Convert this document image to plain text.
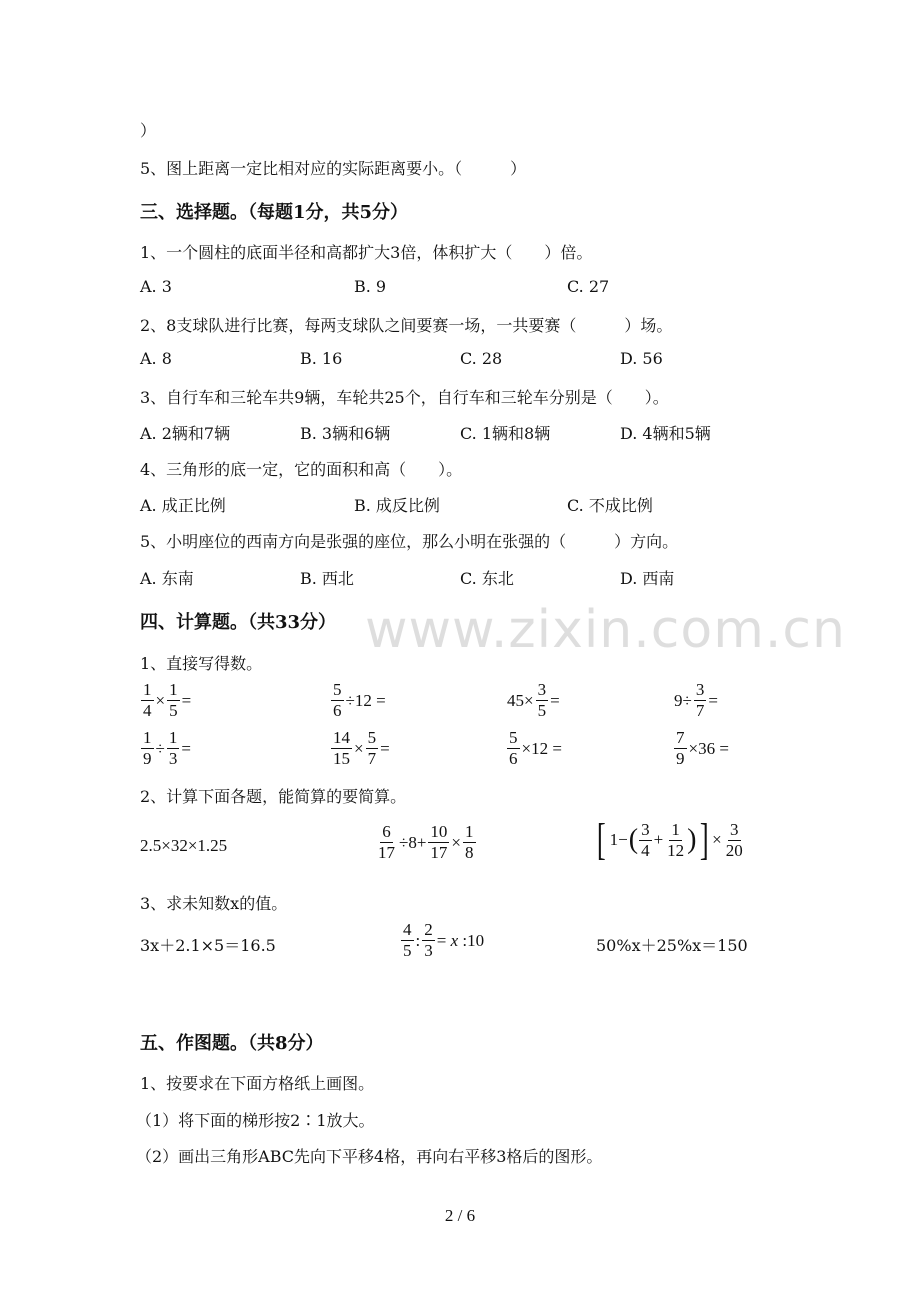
）
5、图上距离一定比相对应的实际距离要小。（　　　）
三、选择题。（每题1分，共5分）
1、一个圆柱的底面半径和高都扩大3倍，体积扩大（　　）倍。
A. 3	B. 9	C. 27
2、8支球队进行比赛，每两支球队之间要赛一场，一共要赛（　　　）场。
A. 8	B. 16	C. 28	D. 56
3、自行车和三轮车共9辆，车轮共25个，自行车和三轮车分别是（　　）。
A. 2辆和7辆	B. 3辆和6辆	C. 1辆和8辆	D. 4辆和5辆
4、三角形的底一定，它的面积和高（　　）。
A. 成正比例	B. 成反比例	C. 不成比例
5、小明座位的西南方向是张强的座位，那么小明在张强的（　　　）方向。
A. 东南	B. 西北	C. 东北	D. 西南
四、计算题。（共33分） www.zixin.com.cn
1、直接写得数。
$\frac{1}{4} \times \frac{1}{5}$ =	$\frac{5}{6} \div 12$ =	$45\times \frac{3}{5}$ =	$9\div \frac{3}{7}$ =
$\frac{1}{9} \div \frac{1}{3}$ =	$\frac{14}{15} \times \frac{5}{7}$ =	$\frac{5}{6} \times 12$ =	$\frac{7}{9} \times 36$ =
2、计算下面各题，能简算的要简算。
2.5×32×1.25	$\frac{6}{17} \div 8+ \frac{10}{17} \times \frac{1}{8}$	[ 1− ( $\frac{3}{4} + \frac{1}{12}$ ) ] × $\frac{3}{20}$
3、求未知数x的值。
3x＋2.1×5＝16.5	$\frac{4}{5}$ : $\frac{2}{3} = x$ :10	50%x＋25%x＝150
五、作图题。（共8分）
1、按要求在下面方格纸上画图。
（1）将下面的梯形按2∶1放大。
（2）画出三角形ABC先向下平移4格，再向右平移3格后的图形。
2 / 6
